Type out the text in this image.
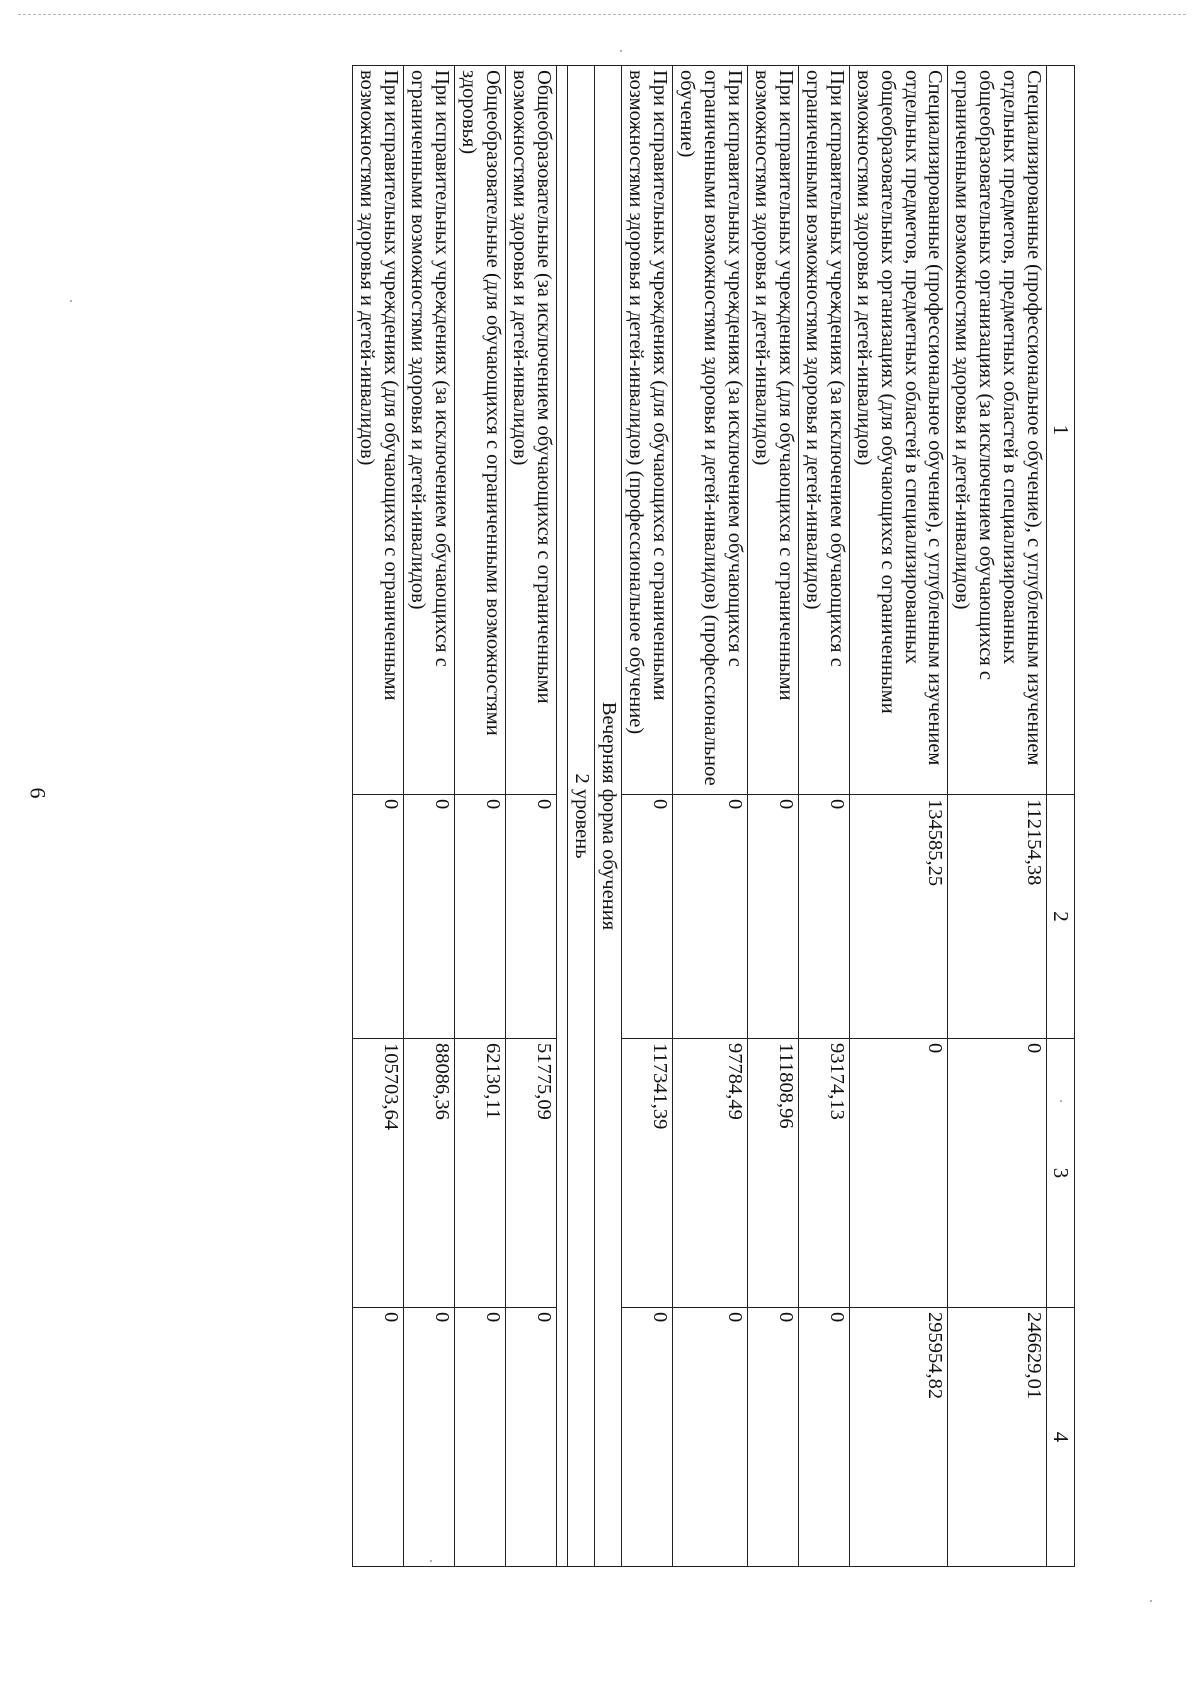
6
1	2	3	4
Специализированные (профессиональное обучение), с углубленным изучением отдельных предметов, предметных областей в специализированных общеобразовательных организациях (за исключением обучающихся с ограниченными возможностями здоровья и детей-инвалидов)	112154,38	0	246629,01
Специализированные (профессиональное обучение), с углубленным изучением отдельных предметов, предметных областей в специализированных общеобразовательных организациях (для обучающихся с ограниченными возможностями здоровья и детей-инвалидов)	134585,25	0	295954,82
При исправительных учреждениях (за исключением обучающихся с ограниченными возможностями здоровья и детей-инвалидов)	0	93174,13	0
При исправительных учреждениях (для обучающихся с ограниченными возможностями здоровья и детей-инвалидов)	0	111808,96	0
При исправительных учреждениях (за исключением обучающихся с ограниченными возможностями здоровья и детей-инвалидов) (профессиональное обучение)	0	97784,49	0
При исправительных учреждениях (для обучающихся с ограниченными возможностями здоровья и детей-инвалидов) (профессиональное обучение)	0	117341,39	0
Вечерняя форма обучения			
2 уровень			

Общеобразовательные (за исключением обучающихся с ограниченными возможностями здоровья и детей-инвалидов)	0	51775,09	0
Общеобразовательные (для обучающихся с ограниченными возможностями здоровья)	0	62130,11	0
При исправительных учреждениях (за исключением обучающихся с ограниченными возможностями здоровья и детей-инвалидов)	0	88086,36	0
При исправительных учреждениях (для обучающихся с ограниченными возможностями здоровья и детей-инвалидов)	0	105703,64	0
